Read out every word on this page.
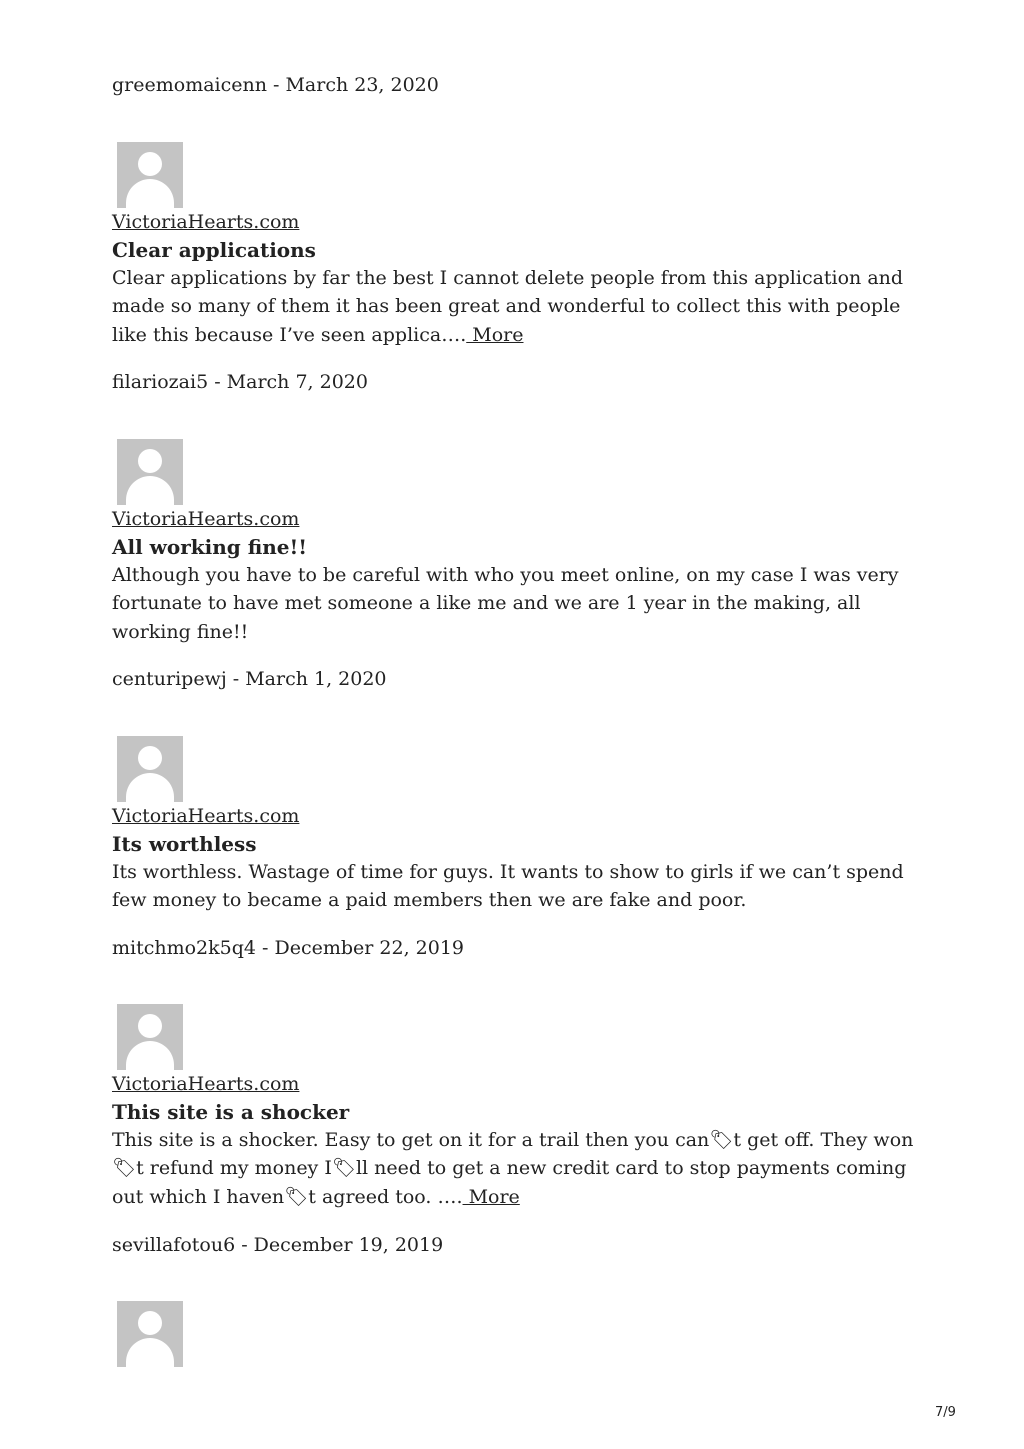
greemomaicenn - March 23, 2020
VictoriaHearts.com

Clear applications

Clear applications by far the best I cannot delete people from this application and made so many of them it has been great and wonderful to collect this with people like this because I’ve seen applica…. More

filariozai5 - March 7, 2020
VictoriaHearts.com

All working fine!!

Although you have to be careful with who you meet online, on my case I was very fortunate to have met someone a like me and we are 1 year in the making, all working fine!!

centuripewj - March 1, 2020
VictoriaHearts.com

Its worthless

Its worthless. Wastage of time for guys. It wants to show to girls if we can’t spend few money to became a paid members then we are fake and poor.

mitchmo2k5q4 - December 22, 2019
VictoriaHearts.com

This site is a shocker

This site is a shocker. Easy to get on it for a trail then you can🏷t get off. They won🏷t refund my money I🏷ll need to get a new credit card to stop payments coming out which I haven🏷t agreed too. …. More

sevillafotou6 - December 19, 2019
7/9
